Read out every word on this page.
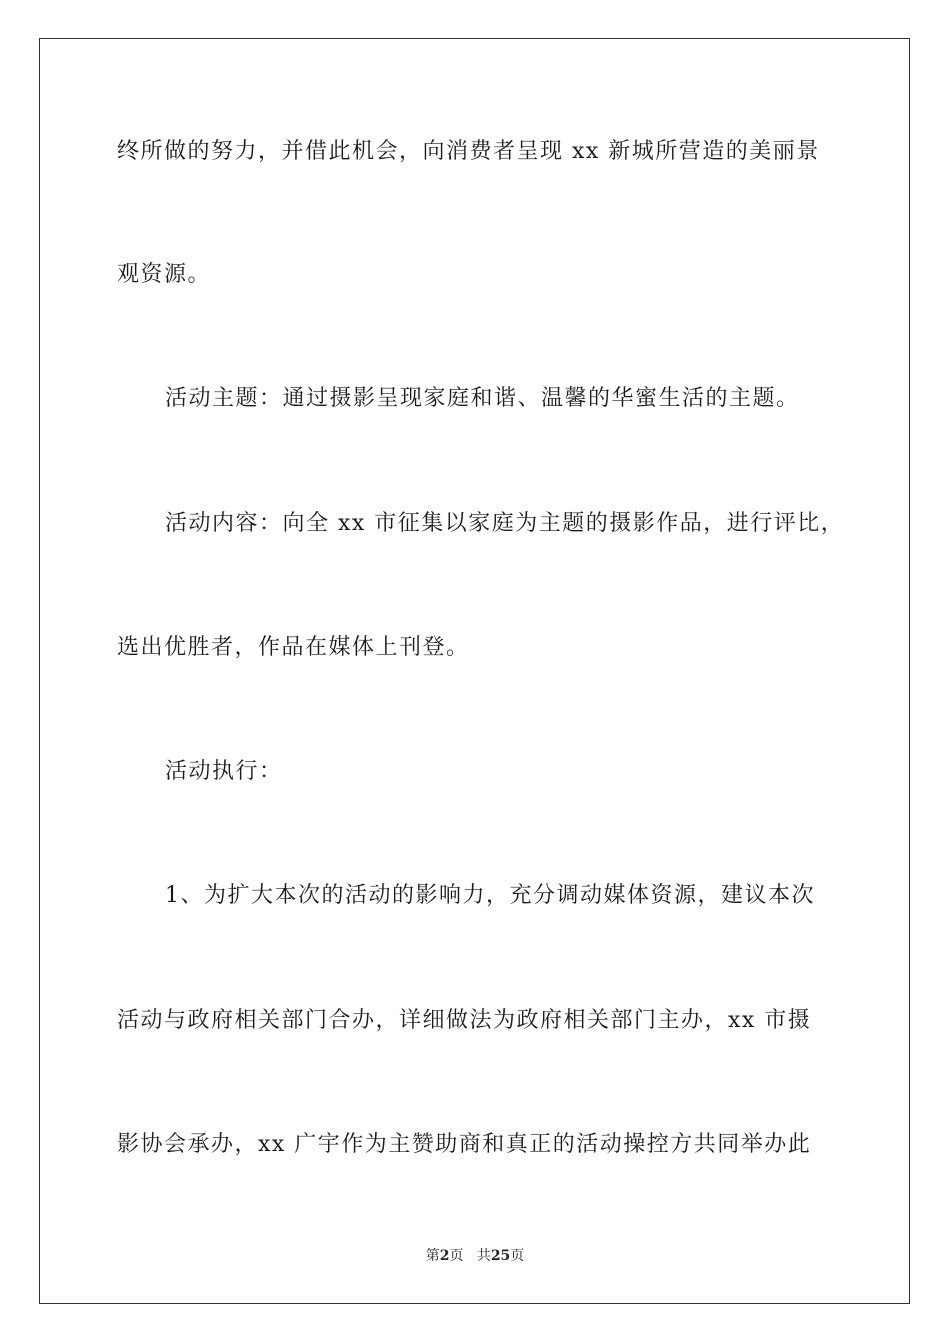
终所做的努力，并借此机会，向消费者呈现 xx 新城所营造的美丽景
观资源。
活动主题：通过摄影呈现家庭和谐、温馨的华蜜生活的主题。
活动内容：向全 xx 市征集以家庭为主题的摄影作品，进行评比，
选出优胜者，作品在媒体上刊登。
活动执行：
1、为扩大本次的活动的影响力，充分调动媒体资源，建议本次
活动与政府相关部门合办，详细做法为政府相关部门主办，xx 市摄
影协会承办，xx 广宇作为主赞助商和真正的活动操控方共同举办此
第2页 共25页
